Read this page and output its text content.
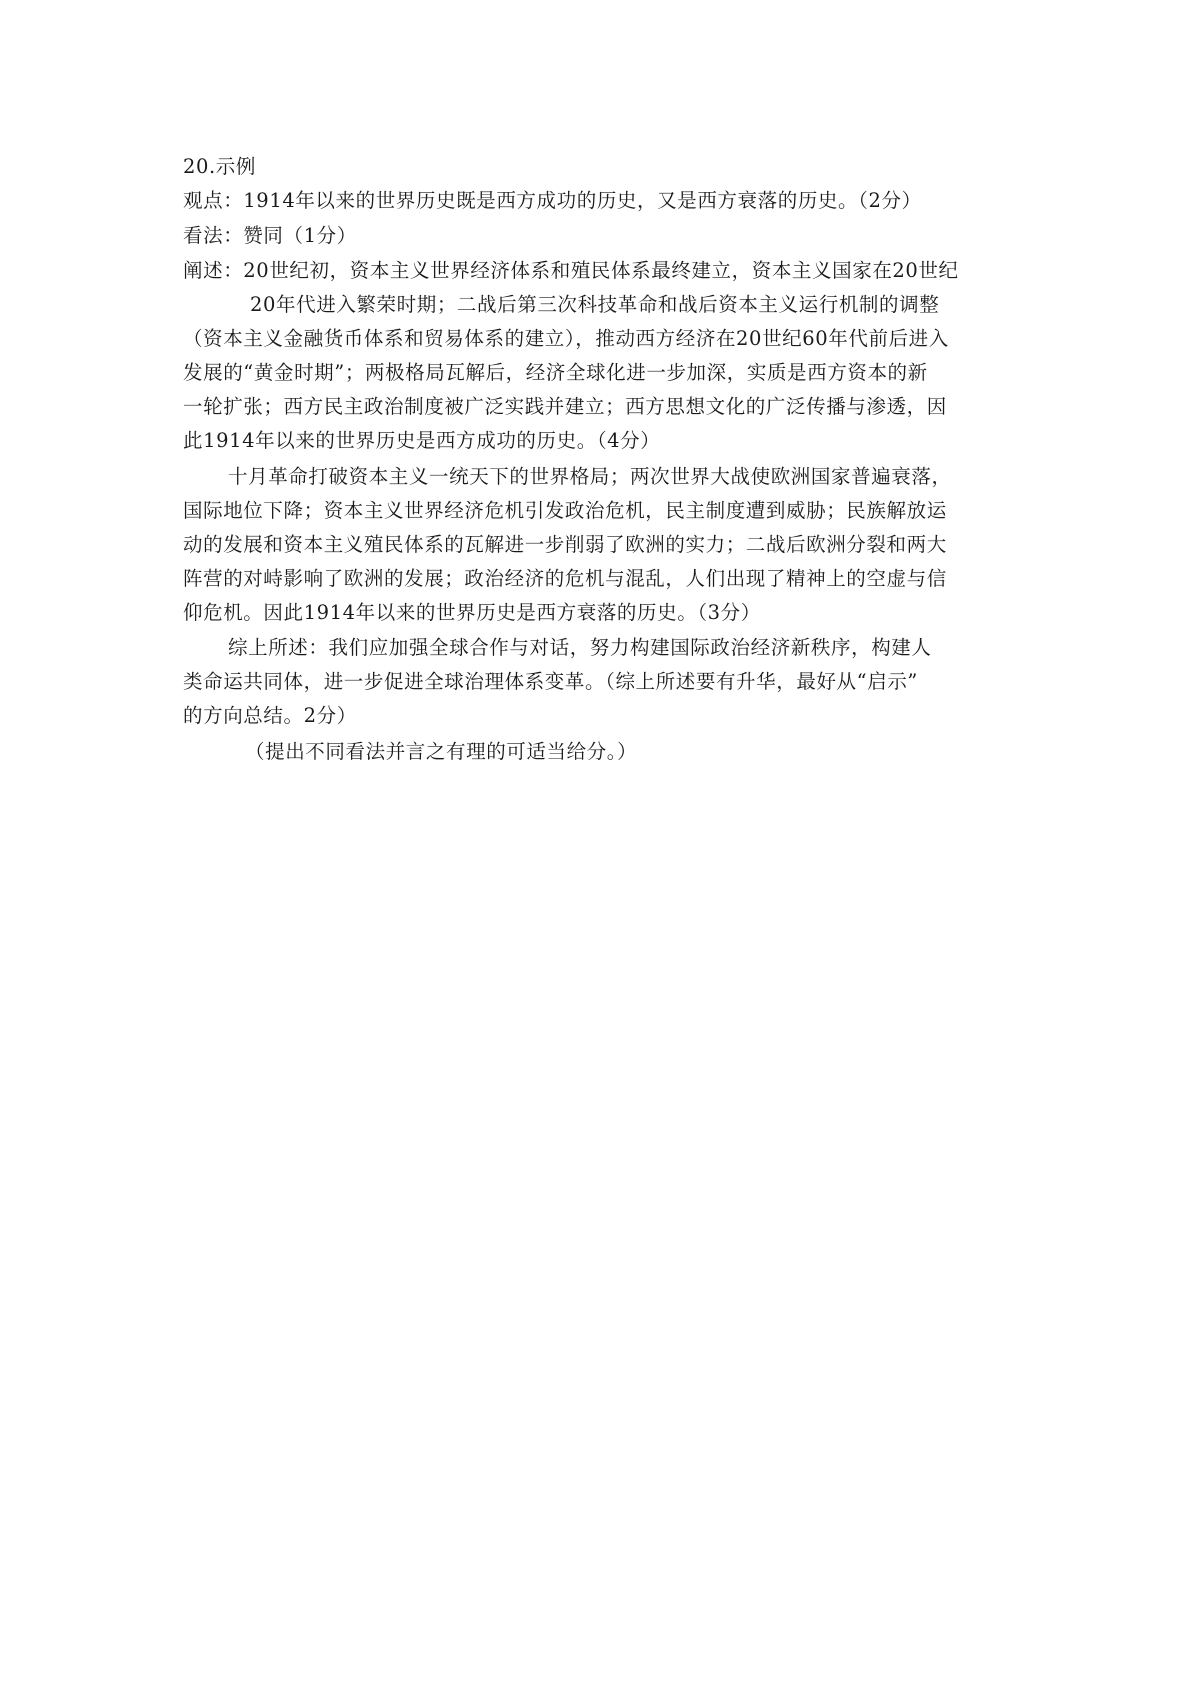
20.示例
观点：1914年以来的世界历史既是西方成功的历史，又是西方衰落的历史。（2分）
看法：赞同（1分）
阐述：20世纪初，资本主义世界经济体系和殖民体系最终建立，资本主义国家在20世纪
20年代进入繁荣时期；二战后第三次科技革命和战后资本主义运行机制的调整
（资本主义金融货币体系和贸易体系的建立），推动西方经济在20世纪60年代前后进入
发展的“黄金时期”；两极格局瓦解后，经济全球化进一步加深，实质是西方资本的新
一轮扩张；西方民主政治制度被广泛实践并建立；西方思想文化的广泛传播与渗透，因
此1914年以来的世界历史是西方成功的历史。（4分）
十月革命打破资本主义一统天下的世界格局；两次世界大战使欧洲国家普遍衰落，
国际地位下降；资本主义世界经济危机引发政治危机，民主制度遭到威胁；民族解放运
动的发展和资本主义殖民体系的瓦解进一步削弱了欧洲的实力；二战后欧洲分裂和两大
阵营的对峙影响了欧洲的发展；政治经济的危机与混乱，人们出现了精神上的空虚与信
仰危机。因此1914年以来的世界历史是西方衰落的历史。（3分）
综上所述：我们应加强全球合作与对话，努力构建国际政治经济新秩序，构建人
类命运共同体，进一步促进全球治理体系变革。（综上所述要有升华，最好从“启示”
的方向总结。2分）
（提出不同看法并言之有理的可适当给分。）
